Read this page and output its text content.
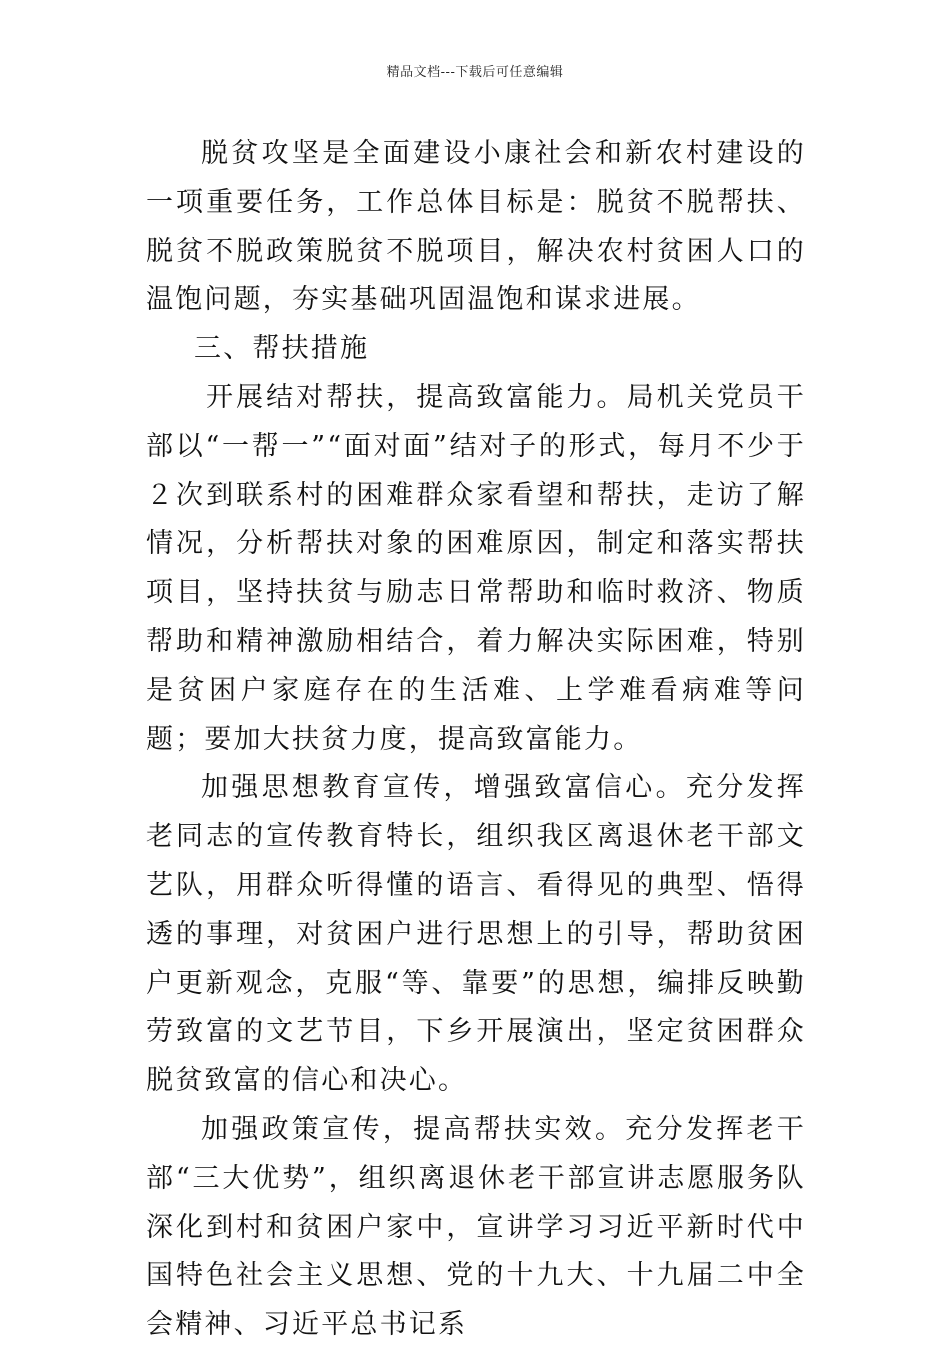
精品文档---下载后可任意编辑

脱贫攻坚是全面建设小康社会和新农村建设的一项重要任务，工作总体目标是：脱贫不脱帮扶、脱贫不脱政策脱贫不脱项目，解决农村贫困人口的温饱问题，夯实基础巩固温饱和谋求进展。

三、帮扶措施

开展结对帮扶，提高致富能力。局机关党员干部以“一帮一”“面对面”结对子的形式，每月不少于２次到联系村的困难群众家看望和帮扶，走访了解情况，分析帮扶对象的困难原因，制定和落实帮扶项目，坚持扶贫与励志日常帮助和临时救济、物质帮助和精神激励相结合，着力解决实际困难，特别是贫困户家庭存在的生活难、上学难看病难等问题；要加大扶贫力度，提高致富能力。

加强思想教育宣传，增强致富信心。充分发挥老同志的宣传教育特长，组织我区离退休老干部文艺队，用群众听得懂的语言、看得见的典型、悟得透的事理，对贫困户进行思想上的引导，帮助贫困户更新观念，克服“等、靠要”的思想，编排反映勤劳致富的文艺节目，下乡开展演出，坚定贫困群众脱贫致富的信心和决心。

加强政策宣传，提高帮扶实效。充分发挥老干部“三大优势”，组织离退休老干部宣讲志愿服务队深化到村和贫困户家中，宣讲学习习近平新时代中国特色社会主义思想、党的十九大、十九届二中全会精神、习近平总书记系
